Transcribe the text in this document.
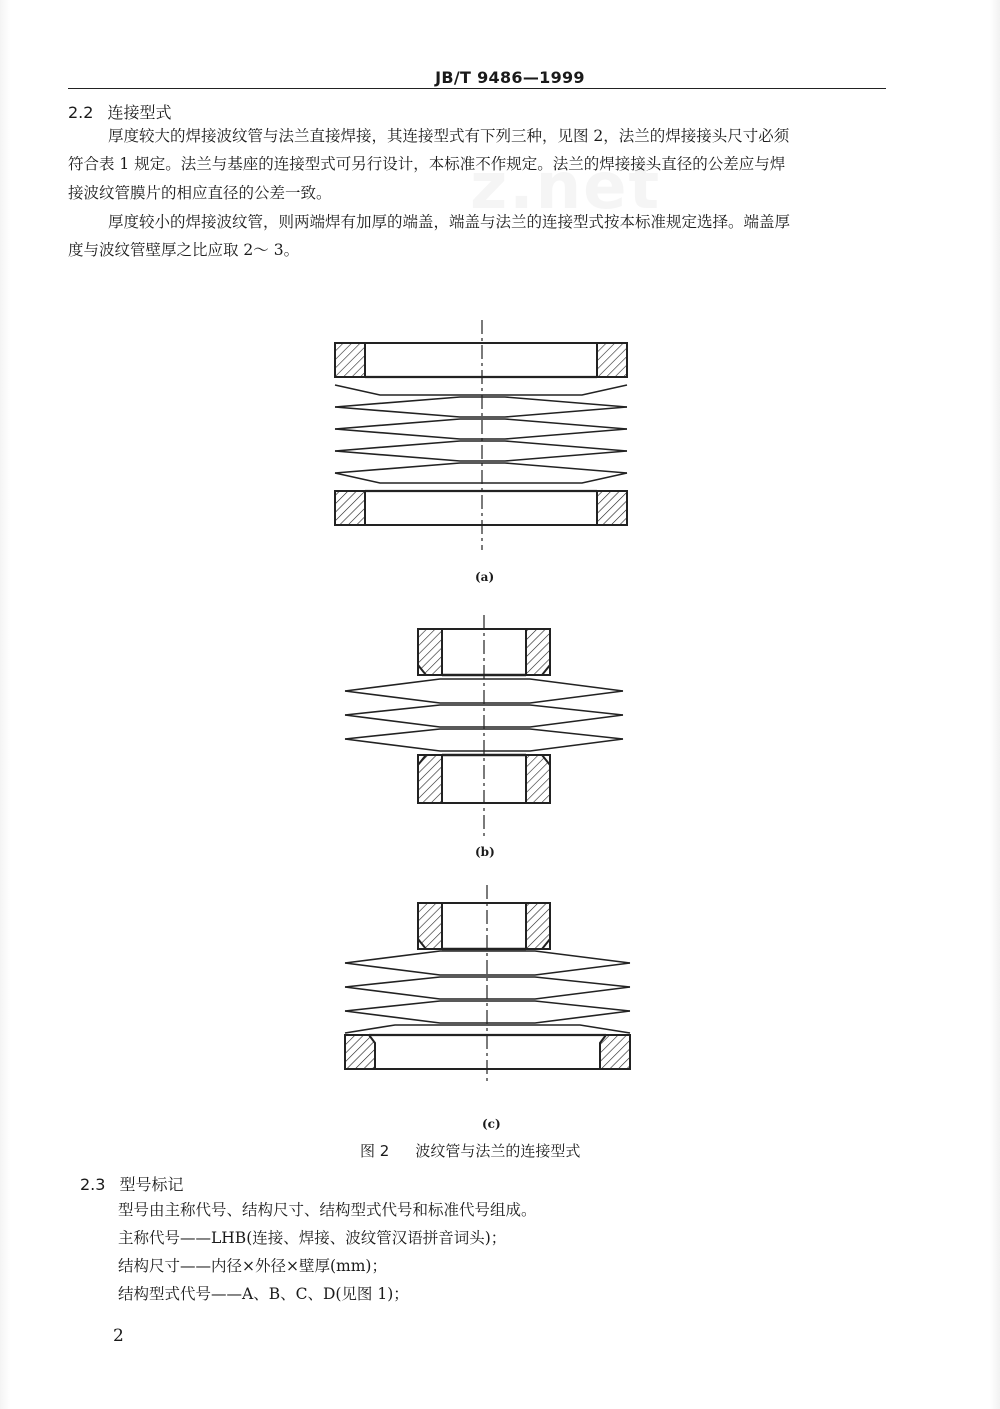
z.net
JB/T 9486—1999
2.2 连接型式
厚度较大的焊接波纹管与法兰直接焊接，其连接型式有下列三种，见图 2，法兰的焊接接头尺寸必须
符合表 1 规定。法兰与基座的连接型式可另行设计，本标准不作规定。法兰的焊接接头直径的公差应与焊
接波纹管膜片的相应直径的公差一致。
厚度较小的焊接波纹管，则两端焊有加厚的端盖，端盖与法兰的连接型式按本标准规定选择。端盖厚
度与波纹管壁厚之比应取 2～ 3。
(a)
(b)
(c)
图 2 波纹管与法兰的连接型式
2.3 型号标记
型号由主称代号、结构尺寸、结构型式代号和标准代号组成。
主称代号——LHB(连接、焊接、波纹管汉语拼音词头)；
结构尺寸——内径×外径×壁厚(mm)；
结构型式代号——A、B、C、D(见图 1)；
2
